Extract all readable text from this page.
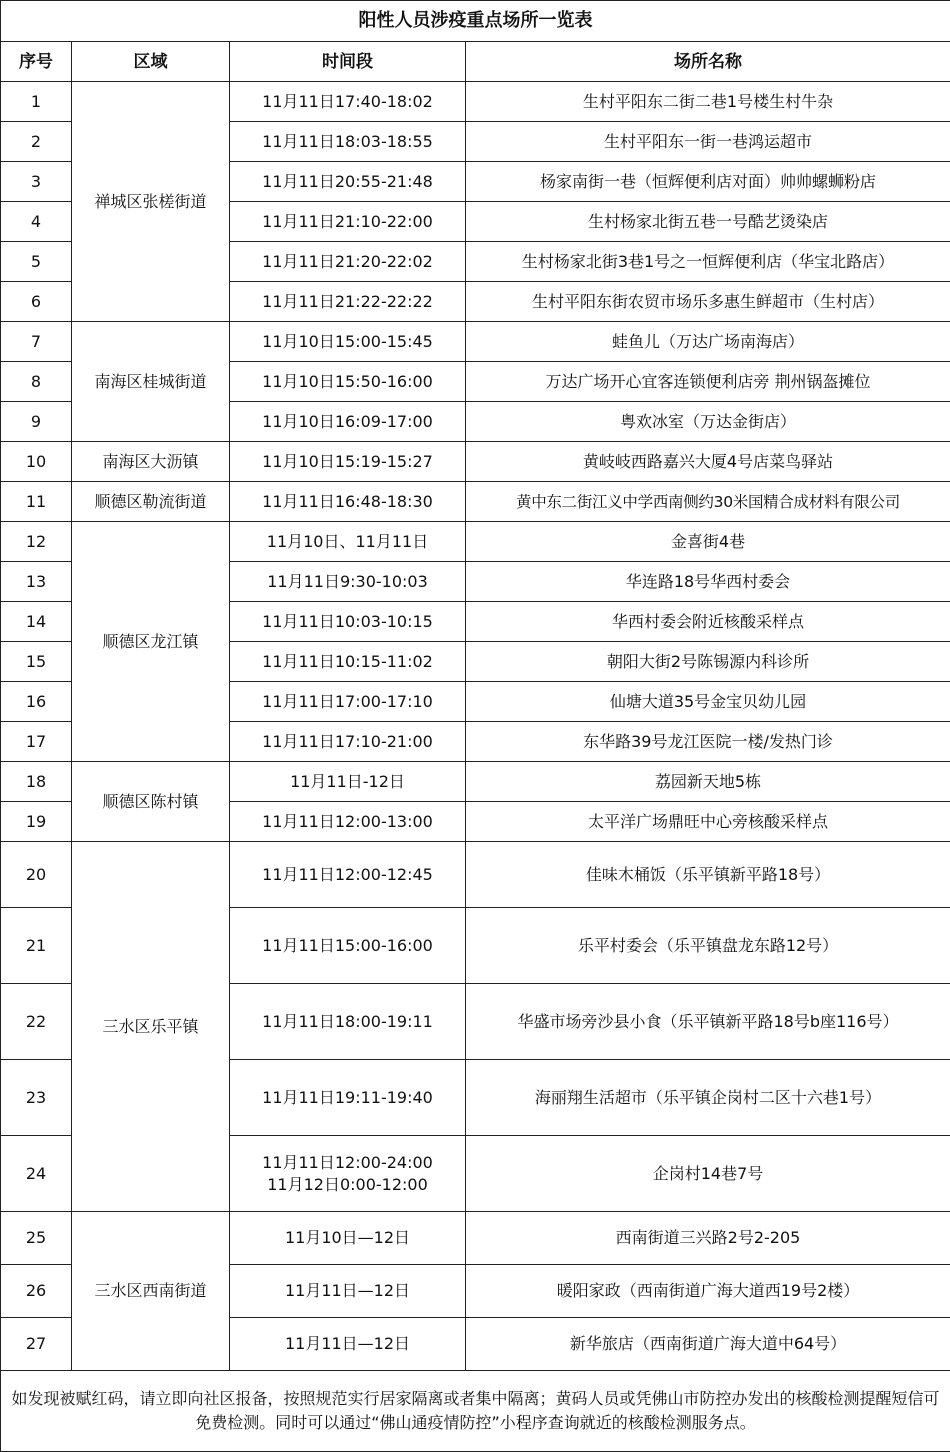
阳性人员涉疫重点场所一览表			
序号	区域	时间段	场所名称
1	禅城区张槎街道	11月11日17:40-18:02	生村平阳东二街二巷1号楼生村牛杂
2		11月11日18:03-18:55	生村平阳东一街一巷鸿运超市
3		11月11日20:55-21:48	杨家南街一巷（恒辉便利店对面）帅帅螺蛳粉店
4		11月11日21:10-22:00	生村杨家北街五巷一号酷艺烫染店
5		11月11日21:20-22:02	生村杨家北街3巷1号之一恒辉便利店（华宝北路店）
6		11月11日21:22-22:22	生村平阳东街农贸市场乐多惠生鲜超市（生村店）
7	南海区桂城街道	11月10日15:00-15:45	蛙鱼儿（万达广场南海店）
8		11月10日15:50-16:00	万达广场开心宜客连锁便利店旁 荆州锅盔摊位
9		11月10日16:09-17:00	粤欢冰室（万达金街店）
10	南海区大沥镇	11月10日15:19-15:27	黄岐岐西路嘉兴大厦4号店菜鸟驿站
11	顺德区勒流街道	11月11日16:48-18:30	黄中东二街江义中学西南侧约30米国精合成材料有限公司
12	顺德区龙江镇	11月10日、11月11日	金喜街4巷
13		11月11日9:30-10:03	华连路18号华西村委会
14		11月11日10:03-10:15	华西村委会附近核酸采样点
15		11月11日10:15-11:02	朝阳大街2号陈锡源内科诊所
16		11月11日17:00-17:10	仙塘大道35号金宝贝幼儿园
17		11月11日17:10-21:00	东华路39号龙江医院一楼/发热门诊
18	顺德区陈村镇	11月11日-12日	荔园新天地5栋
19		11月11日12:00-13:00	太平洋广场鼎旺中心旁核酸采样点
20	三水区乐平镇	11月11日12:00-12:45	佳味木桶饭（乐平镇新平路18号）
21		11月11日15:00-16:00	乐平村委会（乐平镇盘龙东路12号）
22		11月11日18:00-19:11	华盛市场旁沙县小食（乐平镇新平路18号b座116号）
23		11月11日19:11-19:40	海丽翔生活超市（乐平镇企岗村二区十六巷1号）
24		11月11日12:00-24:00
11月12日0:00-12:00	企岗村14巷7号
25	三水区西南街道	11月10日—12日	西南街道三兴路2号2-205
26		11月11日—12日	暖阳家政（西南街道广海大道西19号2楼）
27		11月11日—12日	新华旅店（西南街道广海大道中64号）
如发现被赋红码，请立即向社区报备，按照规范实行居家隔离或者集中隔离；黄码人员或凭佛山市防控办发出的核酸检测提醒短信可免费检测。同时可以通过“佛山通疫情防控”小程序查询就近的核酸检测服务点。			
